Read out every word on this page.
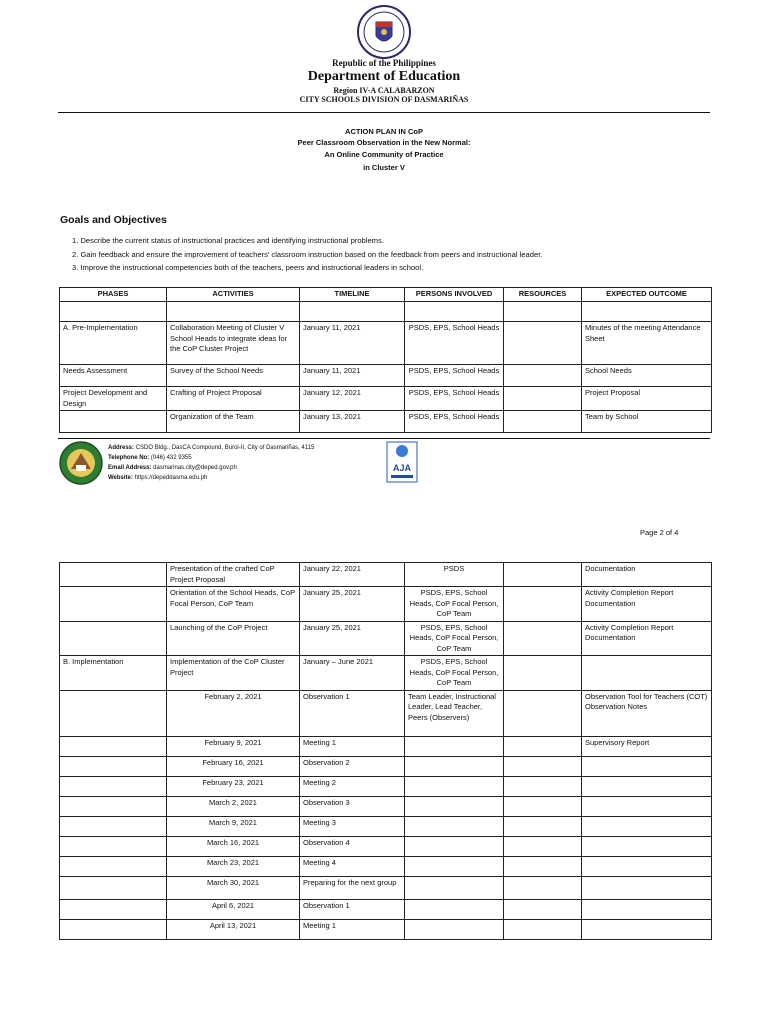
Republic of the Philippines
Department of Education
Region IV-A CALABARZON
CITY SCHOOLS DIVISION OF DASMARIÑAS
ACTION PLAN IN CoP
Peer Classroom Observation in the New Normal:
An Online Community of Practice
in Cluster V
Goals and Objectives
1. Describe the current status of instructional practices and identifying instructional problems.
2. Gain feedback and ensure the improvement of teachers' classroom instruction based on the feedback from peers and instructional leader.
3. Improve the instructional competencies both of the teachers, peers and instructional leaders in school.
PHASES	ACTIVITIES	TIMELINE	PERSONS INVOLVED	RESOURCES	EXPECTED OUTCOME

A. Pre-Implementation	Collaboration Meeting of Cluster V School Heads to integrate ideas for the CoP Cluster Project	January 11, 2021	PSDS, EPS, School Heads		Minutes of the meeting Attendance Sheet
Needs Assessment	Survey of the School Needs	January 11, 2021	PSDS, EPS, School Heads		School Needs
Project Development and Design	Crafting of Project Proposal	January 12, 2021	PSDS, EPS, School Heads		Project Proposal
	Organization of the Team	January 13, 2021	PSDS, EPS, School Heads		Team by School
Address: CSDO Bldg., DasCA Compound, Burol-II, City of Dasmariñas, 4115
Telephone No: (046) 432 9355
Email Address: dasmarinas.city@deped.gov.ph
Website: https://depeddasma.edu.ph
AJA
Page 2 of 4
	Presentation of the crafted CoP Project Proposal	January 22, 2021	PSDS		Documentation
	Orientation of the School Heads, CoP Focal Person, CoP Team	January 25, 2021	PSDS, EPS, School Heads, CoP Focal Person, CoP Team		Activity Completion Report Documentation
	Launching of the CoP Project	January 25, 2021	PSDS, EPS, School Heads, CoP Focal Person, CoP Team		Activity Completion Report Documentation
B. Implementation	Implementation of the CoP Cluster Project	January – June 2021	PSDS, EPS, School Heads, CoP Focal Person, CoP Team		
	February 2, 2021	Observation 1	Team Leader, Instructional Leader, Lead Teacher, Peers (Observers)		Observation Tool for Teachers (COT) Observation Notes
	February 9, 2021	Meeting 1			Supervisory Report
	February 16, 2021	Observation 2			
	February 23, 2021	Meeting 2			
	March 2, 2021	Observation 3			
	March 9, 2021	Meeting 3			
	March 16, 2021	Observation 4			
	March 23, 2021	Meeting 4			
	March 30, 2021	Preparing for the next group			
	April 6, 2021	Observation 1			
	April 13, 2021	Meeting 1			
